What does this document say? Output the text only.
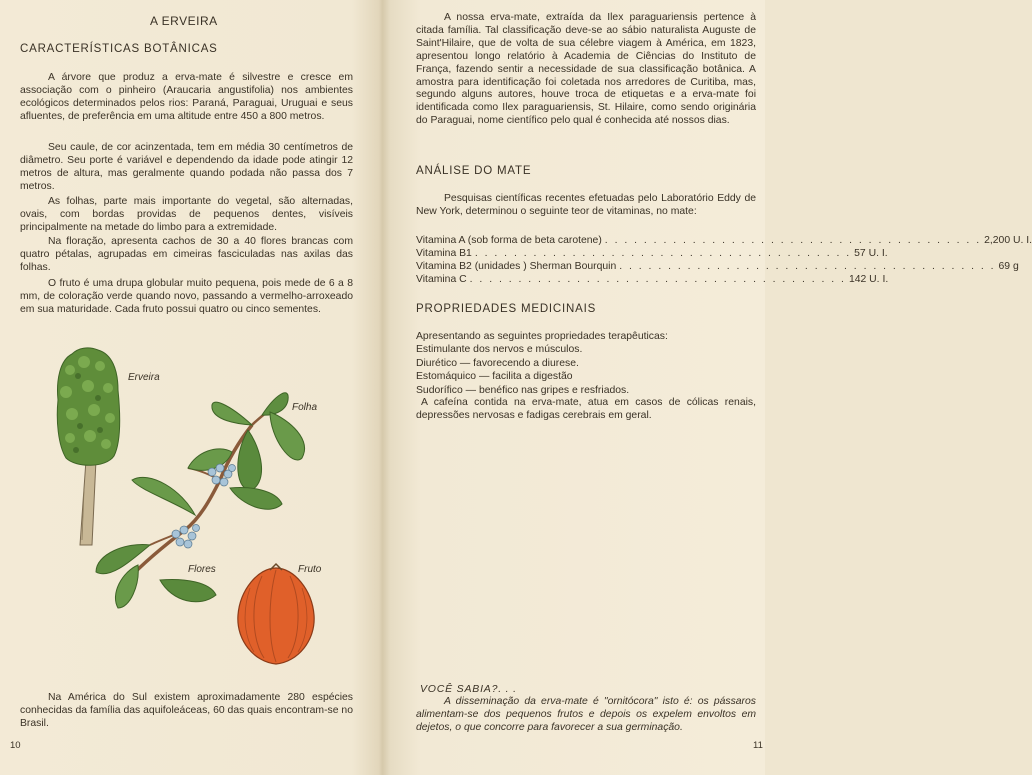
A ERVEIRA
CARACTERÍSTICAS BOTÂNICAS
A árvore que produz a erva-mate é silvestre e cresce em associação com o pinheiro (Araucaria angustifolia) nos ambientes ecológicos determinados pelos rios: Paraná, Paraguai, Uruguai e seus afluentes, de preferência em uma altitude entre 450 a 800 metros.
Seu caule, de cor acinzentada, tem em média 30 centímetros de diâmetro. Seu porte é variável e dependendo da idade pode atingir 12 metros de altura, mas geralmente quando podada não passa dos 7 metros.
As folhas, parte mais importante do vegetal, são alternadas, ovais, com bordas providas de pequenos dentes, visíveis principalmente na metade do limbo para a extremidade.
Na floração, apresenta cachos de 30 a 40 flores brancas com quatro pétalas, agrupadas em cimeiras fasciculadas nas axilas das folhas.
O fruto é uma drupa globular muito pequena, pois mede de 6 a 8 mm, de coloração verde quando novo, passando a vermelho-arroxeado em sua maturidade. Cada fruto possui quatro ou cinco sementes.
Erveira
Folha
Flores	Fruto
Na América do Sul existem aproximadamente 280 espécies conhecidas da família das aquifoleáceas, 60 das quais encontram-se no Brasil.
10
A nossa erva-mate, extraída da Ilex paraguariensis pertence à citada família. Tal classificação deve-se ao sábio naturalista Auguste de Saint'Hilaire, que de volta de sua célebre viagem à América, em 1823, apresentou longo relatório à Academia de Ciências do Instituto de França, fazendo sentir a necessidade de sua classificação botânica. A amostra para identificação foi coletada nos arredores de Curitiba, mas, segundo alguns autores, houve troca de etiquetas e a erva-mate foi identificada como Ilex paraguariensis, St. Hilaire, como sendo originária do Paraguai, nome científico pelo qual é conhecida até nossos dias.
ANÁLISE DO MATE
Pesquisas científicas recentes efetuadas pelo Laboratório Eddy de New York, determinou o seguinte teor de vitaminas, no mate:
Vitamina A (sob forma de beta carotene) . . . . . . . . . . . . . . . . . . . . . . . . . . . . . . . . . . . . . . . 2,200 U. I.
Vitamina B1 . . . . . . . . . . . . . . . . . . . . . . . . . . . . . . . . . . . . . . . 57 U. I.
Vitamina B2 (unidades ) Sherman Bourquin . . . . . . . . . . . . . . . . . . . . . . . . . . . . . . . . . . . . . . . 69 g
Vitamina C . . . . . . . . . . . . . . . . . . . . . . . . . . . . . . . . . . . . . . . 142 U. I.
PROPRIEDADES MEDICINAIS
Apresentando as seguintes propriedades terapêuticas:
Estimulante dos nervos e músculos.
Diurético — favorecendo a diurese.
Estomáquico — facilita a digestão
Sudorífico — benéfico nas gripes e resfriados.
A cafeína contida na erva-mate, atua em casos de cólicas renais, depressões nervosas e fadigas cerebrais em geral.
VOCÊ SABIA?. . .
A disseminação da erva-mate é "ornitócora" isto é: os pássaros alimentam-se dos pequenos frutos e depois os expelem envoltos em dejetos, o que concorre para favorecer a sua germinação.
11
